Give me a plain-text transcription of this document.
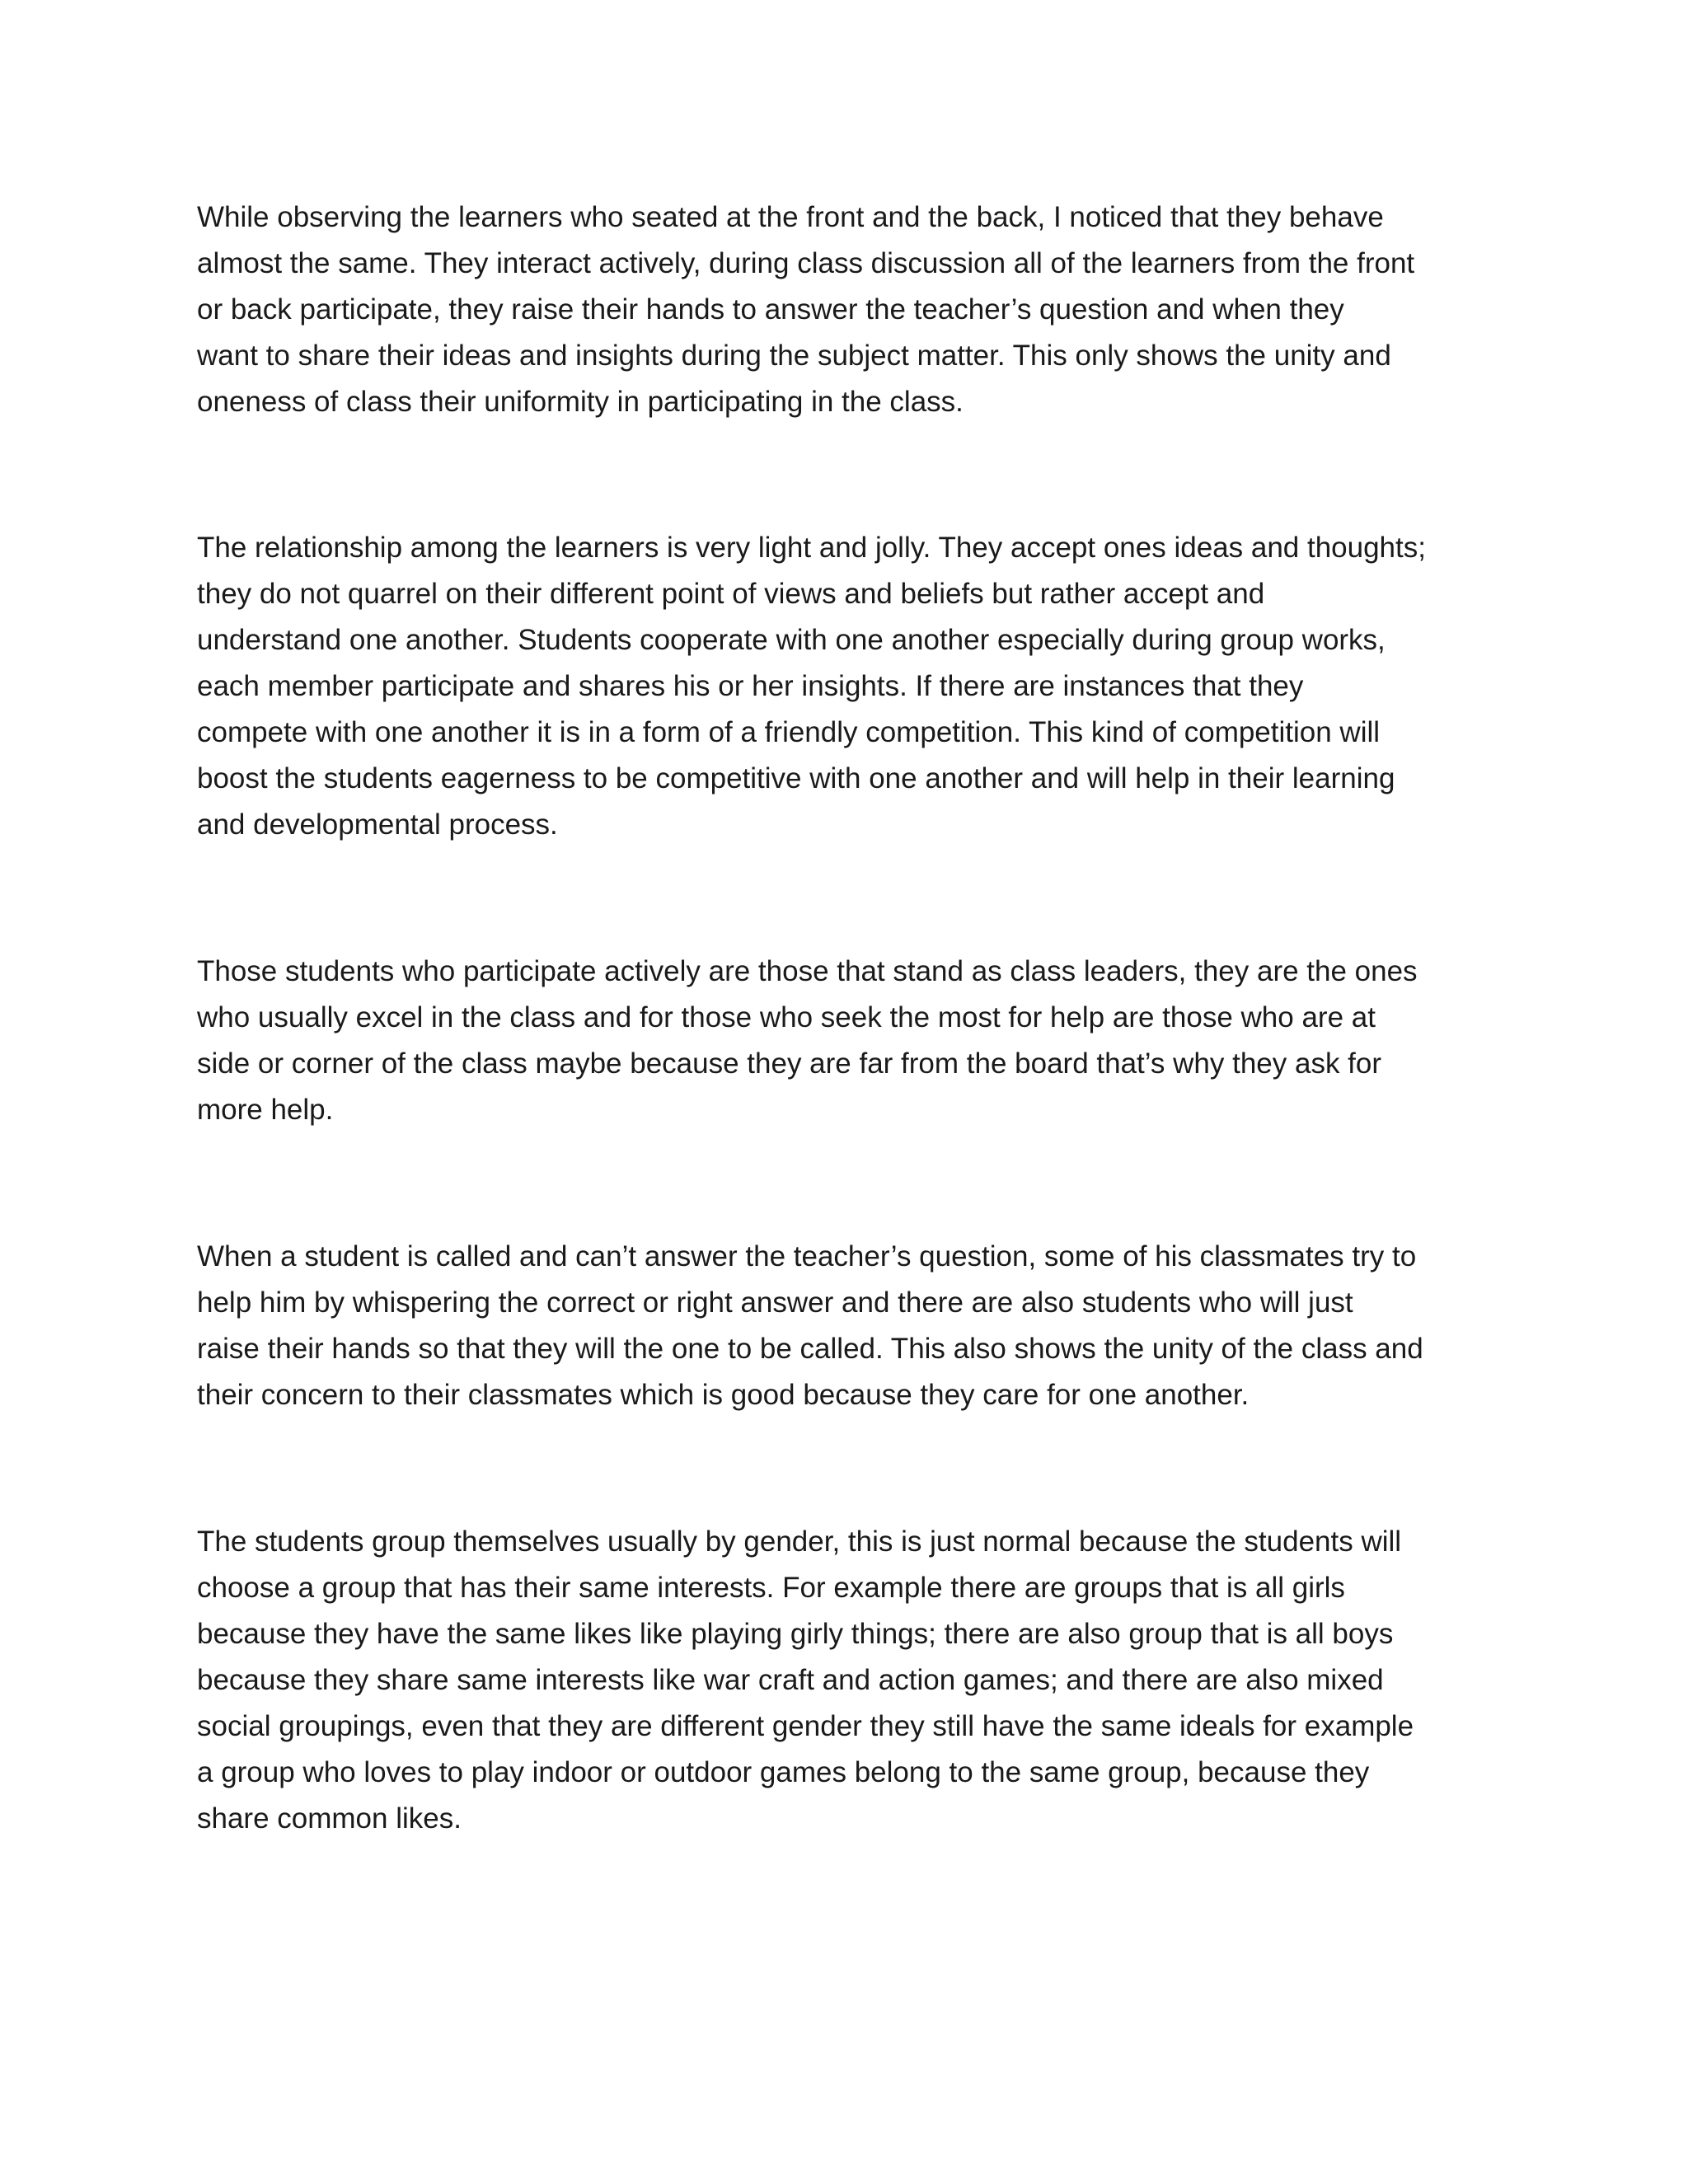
While observing the learners who seated at the front and the back, I noticed that they behave
almost the same. They interact actively, during class discussion all of the learners from the front
or back participate, they raise their hands to answer the teacher’s question and when they
want to share their ideas and insights during the subject matter. This only shows the unity and
oneness of class their uniformity in participating in the class.

The relationship among the learners is very light and jolly. They accept ones ideas and thoughts;
they do not quarrel on their different point of views and beliefs but rather accept and
understand one another. Students cooperate with one another especially during group works,
each member participate and shares his or her insights. If there are instances that they
compete with one another it is in a form of a friendly competition. This kind of competition will
boost the students eagerness to be competitive with one another and will help in their learning
and developmental process.

Those students who participate actively are those that stand as class leaders, they are the ones
who usually excel in the class and for those who seek the most for help are those who are at
side or corner of the class maybe because they are far from the board that’s why they ask for
more help.

When a student is called and can’t answer the teacher’s question, some of his classmates try to
help him by whispering the correct or right answer and there are also students who will just
raise their hands so that they will the one to be called. This also shows the unity of the class and
their concern to their classmates which is good because they care for one another.

The students group themselves usually by gender, this is just normal because the students will
choose a group that has their same interests. For example there are groups that is all girls
because they have the same likes like playing girly things; there are also group that is all boys
because they share same interests like war craft and action games; and there are also mixed
social groupings, even that they are different gender they still have the same ideals for example
a group who loves to play indoor or outdoor games belong to the same group, because they
share common likes.
